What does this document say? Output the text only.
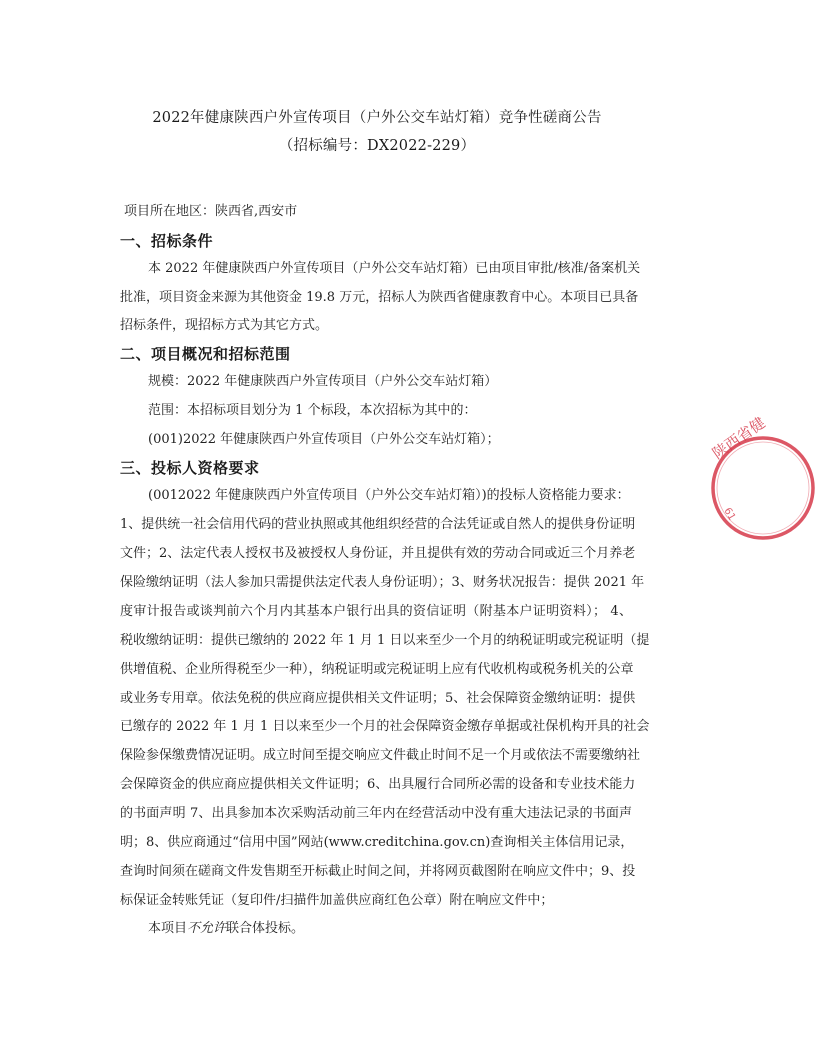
2022年健康陕西户外宣传项目（户外公交车站灯箱）竞争性磋商公告
（招标编号：DX2022-229）
项目所在地区：陕西省,西安市
一、招标条件
本 2022 年健康陕西户外宣传项目（户外公交车站灯箱）已由项目审批/核准/备案机关
批准，项目资金来源为其他资金 19.8 万元，招标人为陕西省健康教育中心。本项目已具备
招标条件，现招标方式为其它方式。
二、项目概况和招标范围
规模：2022 年健康陕西户外宣传项目（户外公交车站灯箱）
范围：本招标项目划分为 1 个标段，本次招标为其中的：
(001)2022 年健康陕西户外宣传项目（户外公交车站灯箱）；
三、投标人资格要求
(0012022 年健康陕西户外宣传项目（户外公交车站灯箱）)的投标人资格能力要求：
1、提供统一社会信用代码的营业执照或其他组织经营的合法凭证或自然人的提供身份证明
文件；2、法定代表人授权书及被授权人身份证，并且提供有效的劳动合同或近三个月养老
保险缴纳证明（法人参加只需提供法定代表人身份证明）；3、财务状况报告：提供 2021 年
度审计报告或谈判前六个月内其基本户银行出具的资信证明（附基本户证明资料）； 4、
税收缴纳证明：提供已缴纳的 2022 年 1 月 1 日以来至少一个月的纳税证明或完税证明（提
供增值税、企业所得税至少一种），纳税证明或完税证明上应有代收机构或税务机关的公章
或业务专用章。依法免税的供应商应提供相关文件证明；5、社会保障资金缴纳证明：提供
已缴存的 2022 年 1 月 1 日以来至少一个月的社会保障资金缴存单据或社保机构开具的社会
保险参保缴费情况证明。成立时间至提交响应文件截止时间不足一个月或依法不需要缴纳社
会保障资金的供应商应提供相关文件证明；6、出具履行合同所必需的设备和专业技术能力
的书面声明 7、出具参加本次采购活动前三年内在经营活动中没有重大违法记录的书面声
明；8、供应商通过“信用中国”网站(www.creditchina.gov.cn)查询相关主体信用记录，
查询时间须在磋商文件发售期至开标截止时间之间，并将网页截图附在响应文件中；9、投
标保证金转账凭证（复印件/扫描件加盖供应商红色公章）附在响应文件中；
本项目不允许联合体投标。
陕西省健
61
